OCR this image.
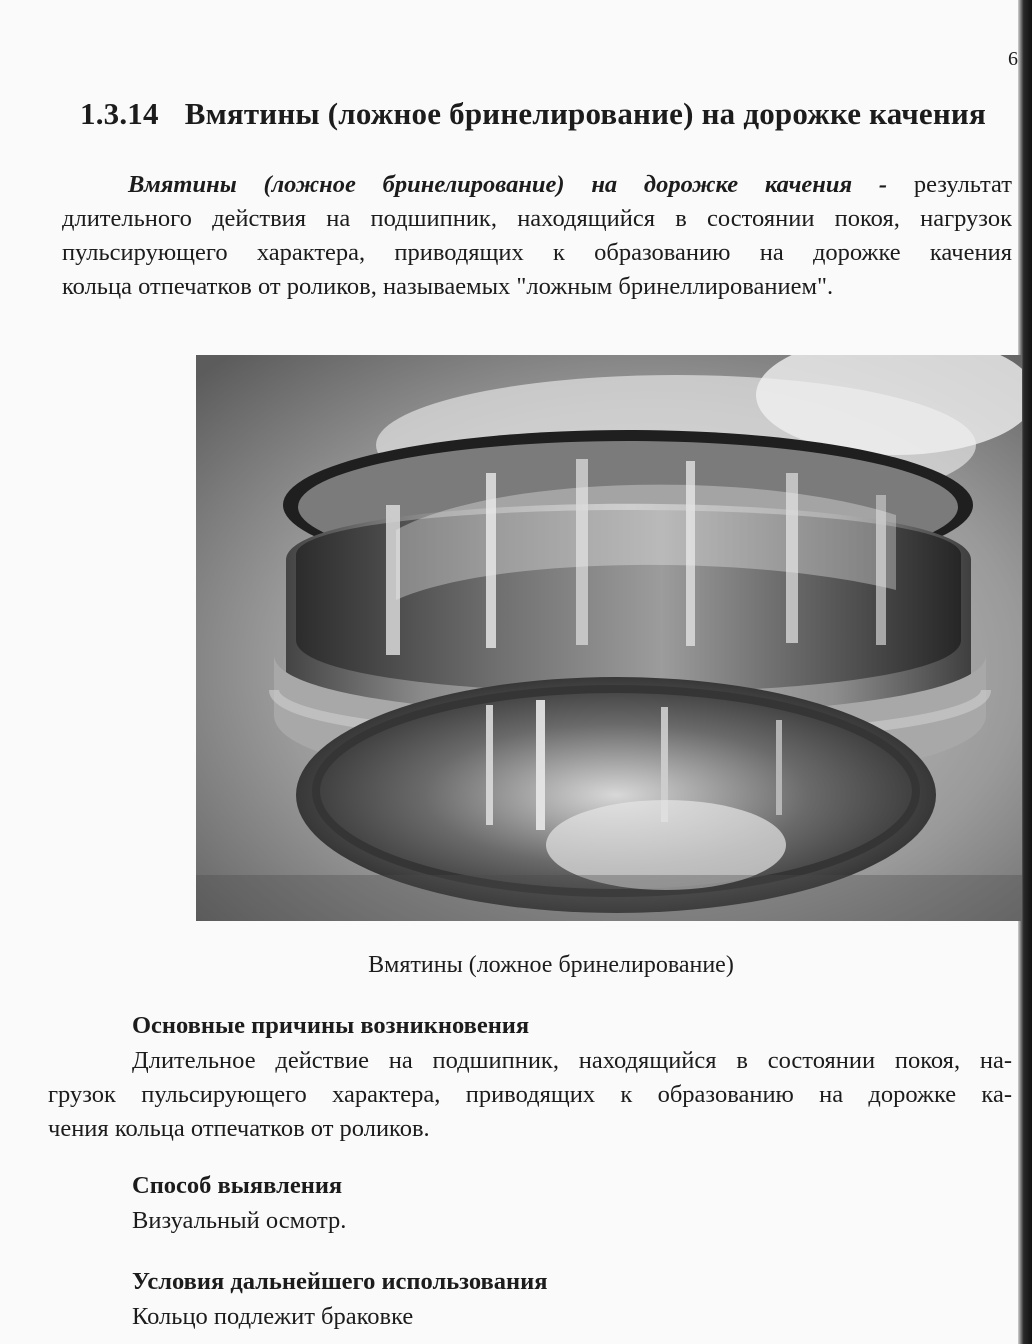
6
1.3.14 Вмятины (ложное бринелирование) на дорожке качения
Вмятины (ложное бринелирование) на дорожке качения - результат
длительного действия на подшипник, находящийся в состоянии покоя, нагрузок
пульсирующего характера, приводящих к образованию на дорожке качения
кольца отпечатков от роликов, называемых "ложным бринеллированием".
Вмятины (ложное бринелирование)
Основные причины возникновения
Длительное действие на подшипник, находящийся в состоянии покоя, на-
грузок пульсирующего характера, приводящих к образованию на дорожке ка-
чения кольца отпечатков от роликов.
Способ выявления
Визуальный осмотр.
Условия дальнейшего использования
Кольцо подлежит браковке
